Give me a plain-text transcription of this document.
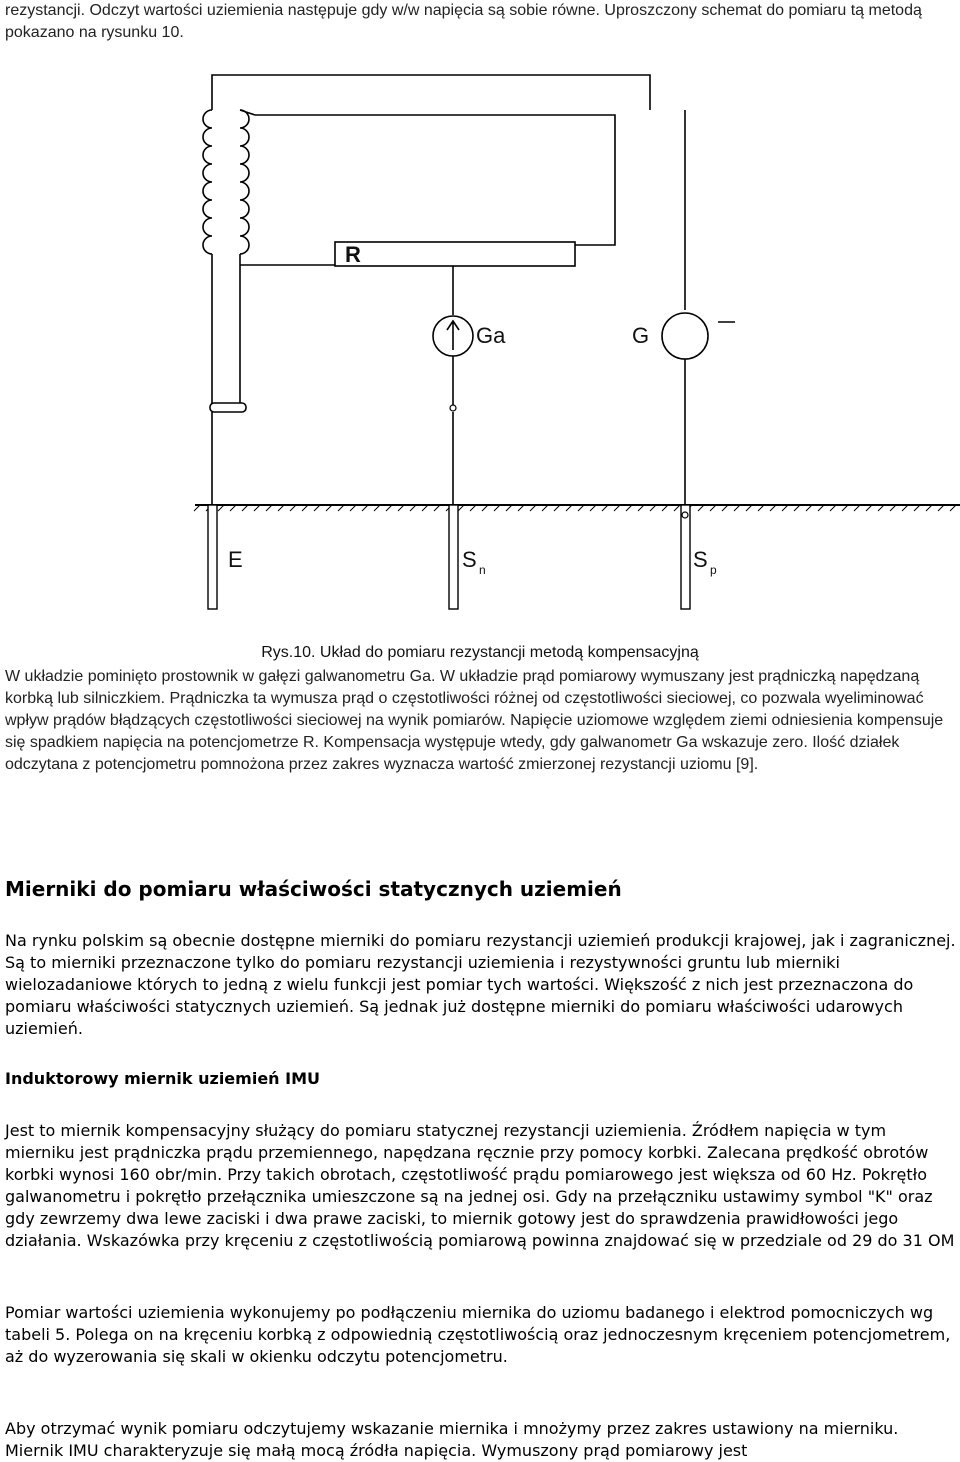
rezystancji. Odczyt wartości uziemienia następuje gdy w/w napięcia są sobie równe. Uproszczony schemat do pomiaru tą metodą pokazano na rysunku 10.

R
Ga	G
E	S n	S p

Rys.10. Układ do pomiaru rezystancji metodą kompensacyjną

W układzie pominięto prostownik w gałęzi galwanometru Ga. W układzie prąd pomiarowy wymuszany jest prądniczką napędzaną korbką lub silniczkiem. Prądniczka ta wymusza prąd o częstotliwości różnej od częstotliwości sieciowej, co pozwala wyeliminować wpływ prądów błądzących częstotliwości sieciowej na wynik pomiarów. Napięcie uziomowe względem ziemi odniesienia kompensuje się spadkiem napięcia na potencjometrze R. Kompensacja występuje wtedy, gdy galwanometr Ga wskazuje zero. Ilość działek odczytana z potencjometru pomnożona przez zakres wyznacza wartość zmierzonej rezystancji uziomu [9].

Mierniki do pomiaru właściwości statycznych uziemień

Na rynku polskim są obecnie dostępne mierniki do pomiaru rezystancji uziemień produkcji krajowej, jak i zagranicznej. Są to mierniki przeznaczone tylko do pomiaru rezystancji uziemienia i rezystywności gruntu lub mierniki wielozadaniowe których to jedną z wielu funkcji jest pomiar tych wartości. Większość z nich jest przeznaczona do pomiaru właściwości statycznych uziemień. Są jednak już dostępne mierniki do pomiaru właściwości udarowych uziemień.

Induktorowy miernik uziemień IMU

Jest to miernik kompensacyjny służący do pomiaru statycznej rezystancji uziemienia. Źródłem napięcia w tym mierniku jest prądniczka prądu przemiennego, napędzana ręcznie przy pomocy korbki. Zalecana prędkość obrotów korbki wynosi 160 obr/min. Przy takich obrotach, częstotliwość prądu pomiarowego jest większa od 60 Hz. Pokrętło galwanometru i pokrętło przełącznika umieszczone są na jednej osi. Gdy na przełączniku ustawimy symbol "K" oraz gdy zewrzemy dwa lewe zaciski i dwa prawe zaciski, to miernik gotowy jest do sprawdzenia prawidłowości jego działania. Wskazówka przy kręceniu z częstotliwością pomiarową powinna znajdować się w przedziale od 29 do 31 OM

Pomiar wartości uziemienia wykonujemy po podłączeniu miernika do uziomu badanego i elektrod pomocniczych wg tabeli 5. Polega on na kręceniu korbką z odpowiednią częstotliwością oraz jednoczesnym kręceniem potencjometrem, aż do wyzerowania się skali w okienku odczytu potencjometru.

Aby otrzymać wynik pomiaru odczytujemy wskazanie miernika i mnożymy przez zakres ustawiony na mierniku. Miernik IMU charakteryzuje się małą mocą źródła napięcia. Wymuszony prąd pomiarowy jest
